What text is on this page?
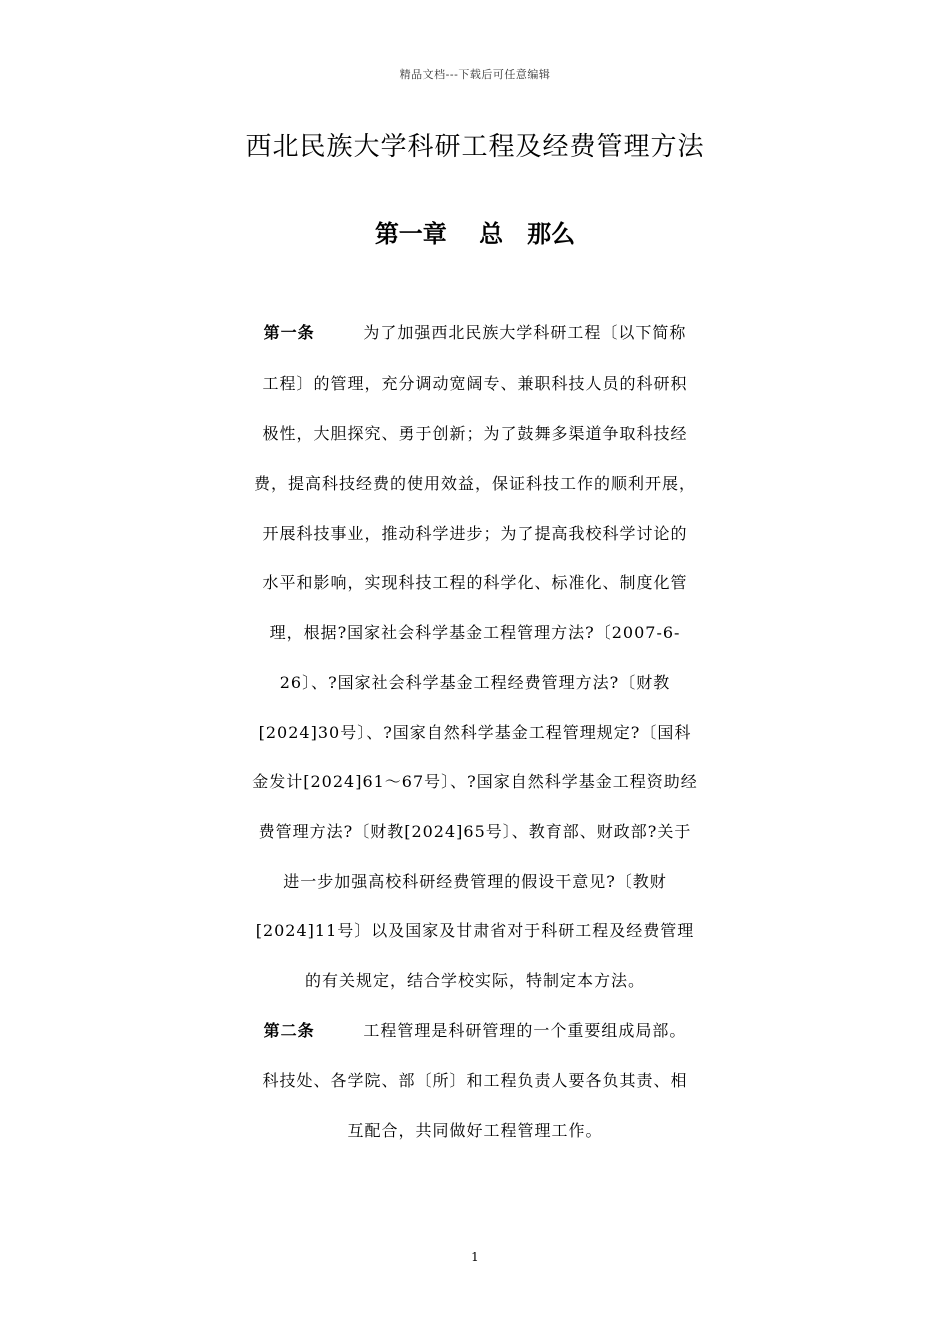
精品文档---下载后可任意编辑
西北民族大学科研工程及经费管理方法
第一章　 总　那么
第一条	为了加强西北民族大学科研工程〔以下简称
工程〕的管理，充分调动宽阔专、兼职科技人员的科研积
极性，大胆探究、勇于创新；为了鼓舞多渠道争取科技经
费，提高科技经费的使用效益，保证科技工作的顺利开展，
开展科技事业，推动科学进步；为了提高我校科学讨论的
水平和影响，实现科技工程的科学化、标准化、制度化管
理，根据?国家社会科学基金工程管理方法?〔2007-6-
26〕、?国家社会科学基金工程经费管理方法?〔财教
[2024]30号〕、?国家自然科学基金工程管理规定?〔国科
金发计[2024]61～67号〕、?国家自然科学基金工程资助经
费管理方法?〔财教[2024]65号〕、教育部、财政部?关于
进一步加强高校科研经费管理的假设干意见?〔教财
[2024]11号〕以及国家及甘肃省对于科研工程及经费管理
的有关规定，结合学校实际，特制定本方法。
第二条	工程管理是科研管理的一个重要组成局部。
科技处、各学院、部〔所〕和工程负责人要各负其责、相
互配合，共同做好工程管理工作。
1
